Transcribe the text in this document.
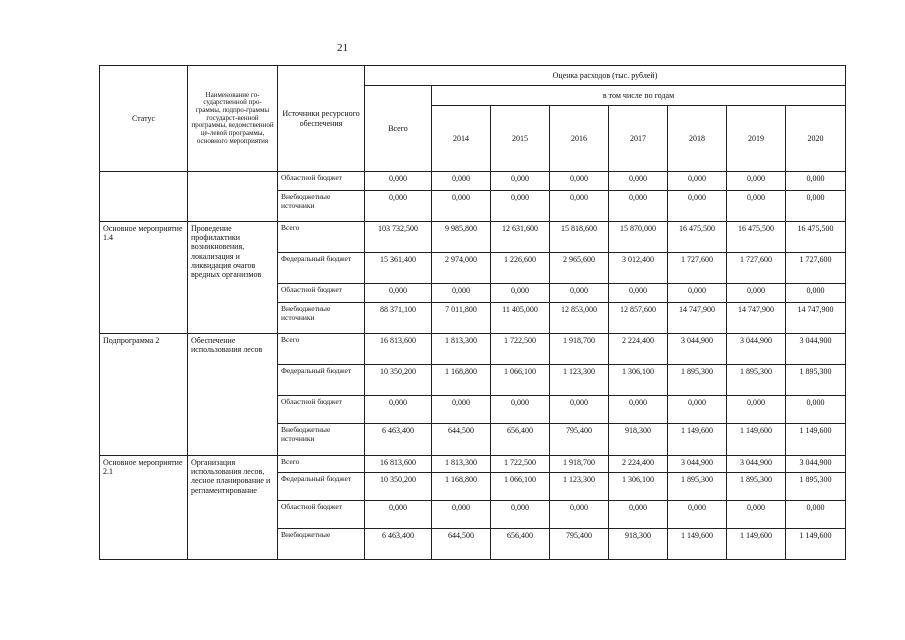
21
Статус	Наименование го-сударственной про-граммы, подпро-граммы государст-венной программы, ведомственной це-левой программы, основного мероприятия	Источники ресурсного обеспечения	Оценка расходов (тыс. рублей)							
			Всего	в том числе по годам						
				2014	2015	2016	2017	2018	2019	2020
		Областной бюджет	0,000	0,000	0,000	0,000	0,000	0,000	0,000	0,000
		Внебюджетные источники	0,000	0,000	0,000	0,000	0,000	0,000	0,000	0,000
Основное мероприятие 1.4	Проведение профилактики возникновения, локализация и ликвидация очагов вредных организмов	Всего	103 732,500	9 985,800	12 631,600	15 818,600	15 870,000	16 475,500	16 475,500	16 475,500
		Федеральный бюджет	15 361,400	2 974,000	1 226,600	2 965,600	3 012,400	1 727,600	1 727,600	1 727,600
		Областной бюджет	0,000	0,000	0,000	0,000	0,000	0,000	0,000	0,000
		Внебюджетные источники	88 371,100	7 011,800	11 405,000	12 853,000	12 857,600	14 747,900	14 747,900	14 747,900
Подпрограмма 2	Обеспечение использования лесов	Всего	16 813,600	1 813,300	1 722,500	1 918,700	2 224,400	3 044,900	3 044,900	3 044,900
		Федеральный бюджет	10 350,200	1 168,800	1 066,100	1 123,300	1 306,100	1 895,300	1 895,300	1 895,300
		Областной бюджет	0,000	0,000	0,000	0,000	0,000	0,000	0,000	0,000
		Внебюджетные источники	6 463,400	644,500	656,400	795,400	918,300	1 149,600	1 149,600	1 149,600
Основное мероприятие 2.1	Организация использования лесов, лесное планирование и регламентирование	Всего	16 813,600	1 813,300	1 722,500	1 918,700	2 224,400	3 044,900	3 044,900	3 044,900
		Федеральный бюджет	10 350,200	1 168,800	1 066,100	1 123,300	1 306,100	1 895,300	1 895,300	1 895,300
		Областной бюджет	0,000	0,000	0,000	0,000	0,000	0,000	0,000	0,000
		Внебюджетные	6 463,400	644,500	656,400	795,400	918,300	1 149,600	1 149,600	1 149,600
